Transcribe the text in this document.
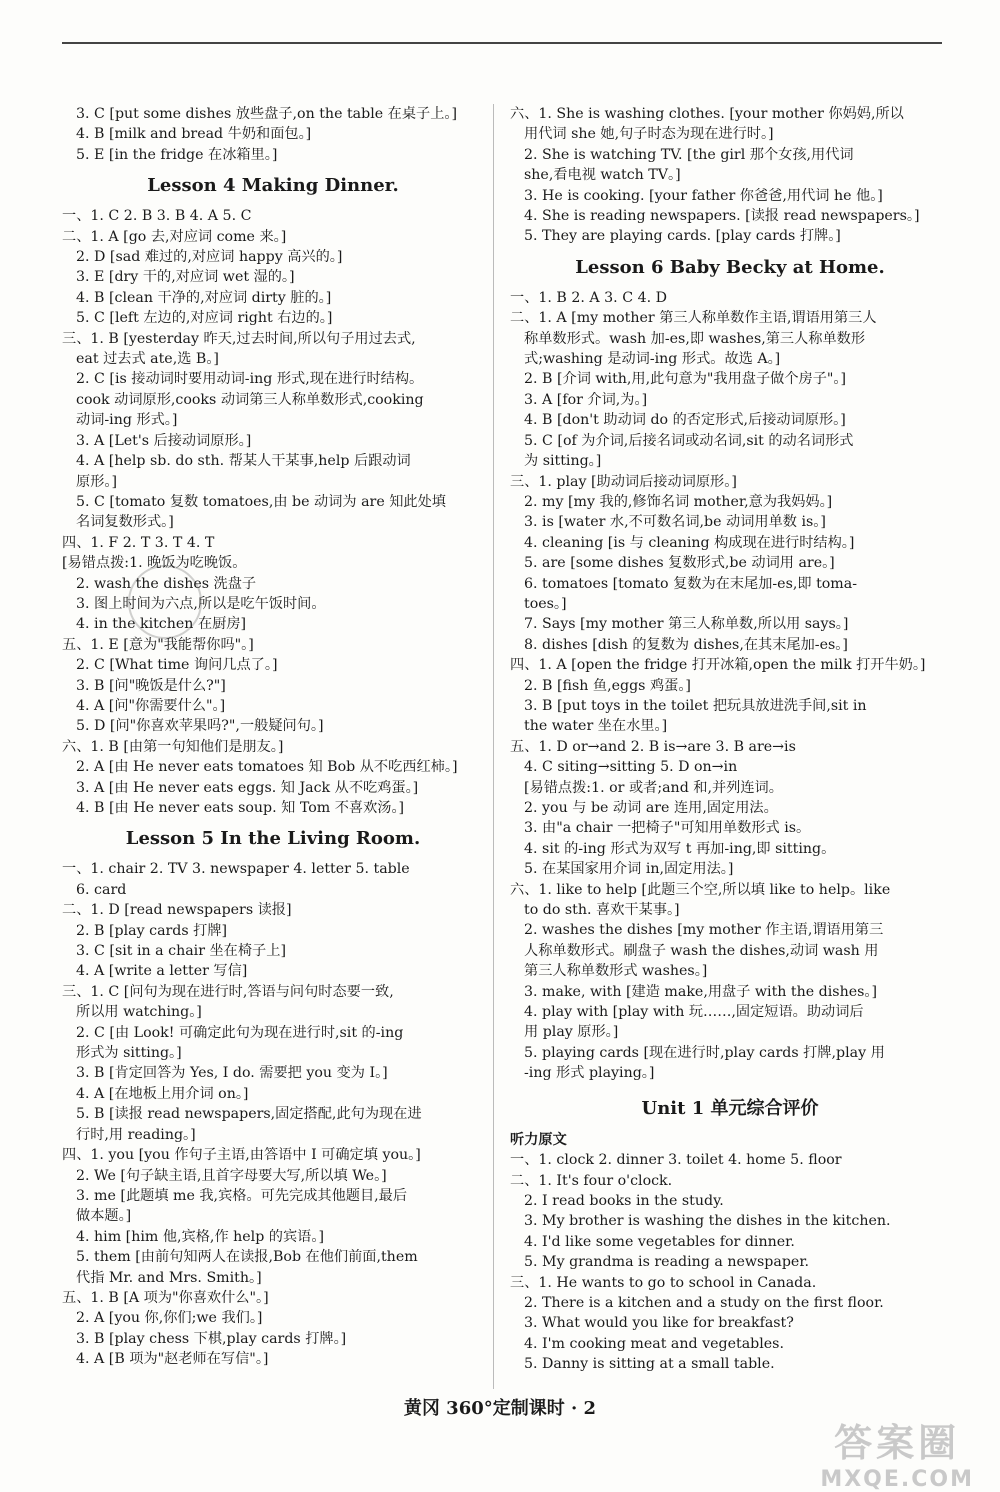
3. C [put some dishes 放些盘子,on the table 在桌子上。]
4. B [milk and bread 牛奶和面包。]
5. E [in the fridge 在冰箱里。]
Lesson 4 Making Dinner.
一、1. C 2. B 3. B 4. A 5. C
二、1. A [go 去,对应词 come 来。]
2. D [sad 难过的,对应词 happy 高兴的。]
3. E [dry 干的,对应词 wet 湿的。]
4. B [clean 干净的,对应词 dirty 脏的。]
5. C [left 左边的,对应词 right 右边的。]
三、1. B [yesterday 昨天,过去时间,所以句子用过去式,
eat 过去式 ate,选 B。]
2. C [is 接动词时要用动词-ing 形式,现在进行时结构。
cook 动词原形,cooks 动词第三人称单数形式,cooking
动词-ing 形式。]
3. A [Let's 后接动词原形。]
4. A [help sb. do sth. 帮某人干某事,help 后跟动词
原形。]
5. C [tomato 复数 tomatoes,由 be 动词为 are 知此处填
名词复数形式。]
四、1. F 2. T 3. T 4. T
[易错点拨:1. 晚饭为吃晚饭。
2. wash the dishes 洗盘子
3. 图上时间为六点,所以是吃午饭时间。
4. in the kitchen 在厨房]
五、1. E [意为"我能帮你吗"。]
2. C [What time 询问几点了。]
3. B [问"晚饭是什么?"]
4. A [问"你需要什么"。]
5. D [问"你喜欢苹果吗?",一般疑问句。]
六、1. B [由第一句知他们是朋友。]
2. A [由 He never eats tomatoes 知 Bob 从不吃西红柿。]
3. A [由 He never eats eggs. 知 Jack 从不吃鸡蛋。]
4. B [由 He never eats soup. 知 Tom 不喜欢汤。]
Lesson 5 In the Living Room.
一、1. chair 2. TV 3. newspaper 4. letter 5. table
6. card
二、1. D [read newspapers 读报]
2. B [play cards 打牌]
3. C [sit in a chair 坐在椅子上]
4. A [write a letter 写信]
三、1. C [问句为现在进行时,答语与问句时态要一致,
所以用 watching。]
2. C [由 Look! 可确定此句为现在进行时,sit 的-ing
形式为 sitting。]
3. B [肯定回答为 Yes, I do. 需要把 you 变为 I。]
4. A [在地板上用介词 on。]
5. B [读报 read newspapers,固定搭配,此句为现在进
行时,用 reading。]
四、1. you [you 作句子主语,由答语中 I 可确定填 you。]
2. We [句子缺主语,且首字母要大写,所以填 We。]
3. me [此题填 me 我,宾格。可先完成其他题目,最后
做本题。]
4. him [him 他,宾格,作 help 的宾语。]
5. them [由前句知两人在读报,Bob 在他们前面,them
代指 Mr. and Mrs. Smith。]
五、1. B [A 项为"你喜欢什么"。]
2. A [you 你,你们;we 我们。]
3. B [play chess 下棋,play cards 打牌。]
4. A [B 项为"赵老师在写信"。]
六、1. She is washing clothes. [your mother 你妈妈,所以
用代词 she 她,句子时态为现在进行时。]
2. She is watching TV. [the girl 那个女孩,用代词
she,看电视 watch TV。]
3. He is cooking. [your father 你爸爸,用代词 he 他。]
4. She is reading newspapers. [读报 read newspapers。]
5. They are playing cards. [play cards 打牌。]
Lesson 6 Baby Becky at Home.
一、1. B 2. A 3. C 4. D
二、1. A [my mother 第三人称单数作主语,谓语用第三人
称单数形式。wash 加-es,即 washes,第三人称单数形
式;washing 是动词-ing 形式。故选 A。]
2. B [介词 with,用,此句意为"我用盘子做个房子"。]
3. A [for 介词,为。]
4. B [don't 助动词 do 的否定形式,后接动词原形。]
5. C [of 为介词,后接名词或动名词,sit 的动名词形式
为 sitting。]
三、1. play [助动词后接动词原形。]
2. my [my 我的,修饰名词 mother,意为我妈妈。]
3. is [water 水,不可数名词,be 动词用单数 is。]
4. cleaning [is 与 cleaning 构成现在进行时结构。]
5. are [some dishes 复数形式,be 动词用 are。]
6. tomatoes [tomato 复数为在末尾加-es,即 toma-
toes。]
7. Says [my mother 第三人称单数,所以用 says。]
8. dishes [dish 的复数为 dishes,在其末尾加-es。]
四、1. A [open the fridge 打开冰箱,open the milk 打开牛奶。]
2. B [fish 鱼,eggs 鸡蛋。]
3. B [put toys in the toilet 把玩具放进洗手间,sit in
the water 坐在水里。]
五、1. D or→and 2. B is→are 3. B are→is
4. C siting→sitting 5. D on→in
[易错点拨:1. or 或者;and 和,并列连词。
2. you 与 be 动词 are 连用,固定用法。
3. 由"a chair 一把椅子"可知用单数形式 is。
4. sit 的-ing 形式为双写 t 再加-ing,即 sitting。
5. 在某国家用介词 in,固定用法。]
六、1. like to help [此题三个空,所以填 like to help。like
to do sth. 喜欢干某事。]
2. washes the dishes [my mother 作主语,谓语用第三
人称单数形式。刷盘子 wash the dishes,动词 wash 用
第三人称单数形式 washes。]
3. make, with [建造 make,用盘子 with the dishes。]
4. play with [play with 玩……,固定短语。助动词后
用 play 原形。]
5. playing cards [现在进行时,play cards 打牌,play 用
-ing 形式 playing。]
Unit 1 单元综合评价
听力原文
一、1. clock 2. dinner 3. toilet 4. home 5. floor
二、1. It's four o'clock.
2. I read books in the study.
3. My brother is washing the dishes in the kitchen.
4. I'd like some vegetables for dinner.
5. My grandma is reading a newspaper.
三、1. He wants to go to school in Canada.
2. There is a kitchen and a study on the first floor.
3. What would you like for breakfast?
4. I'm cooking meat and vegetables.
5. Danny is sitting at a small table.
黄冈 360°定制课时 · 2
答案圈
MXQE.COM
